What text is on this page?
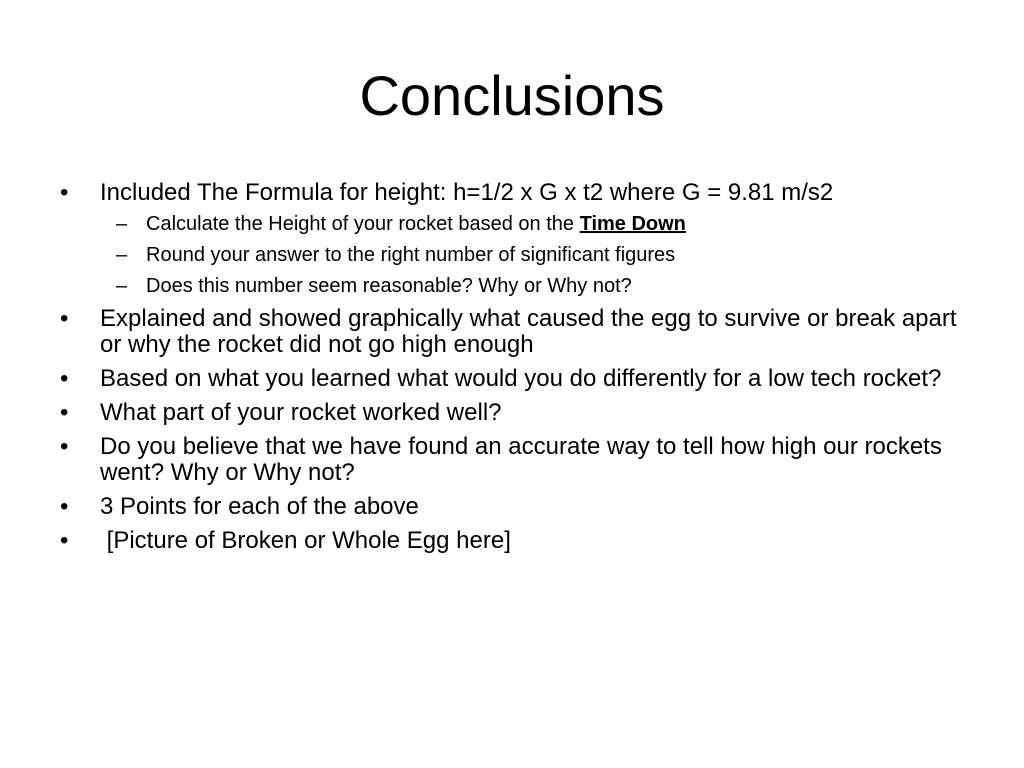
Conclusions
•	Included The Formula for height: h=1/2 x G x t2 where G = 9.81 m/s2
– Calculate the Height of your rocket based on the Time Down
– Round your answer to the right number of significant figures
– Does this number seem reasonable? Why or Why not?
•	Explained and showed graphically what caused the egg to survive or break apart or why the rocket did not go high enough
•	Based on what you learned what would you do differently for a low tech rocket?
•	What part of your rocket worked well?
•	Do you believe that we have found an accurate way to tell how high our rockets went? Why or Why not?
•	3 Points for each of the above
•	[Picture of Broken or Whole Egg here]
